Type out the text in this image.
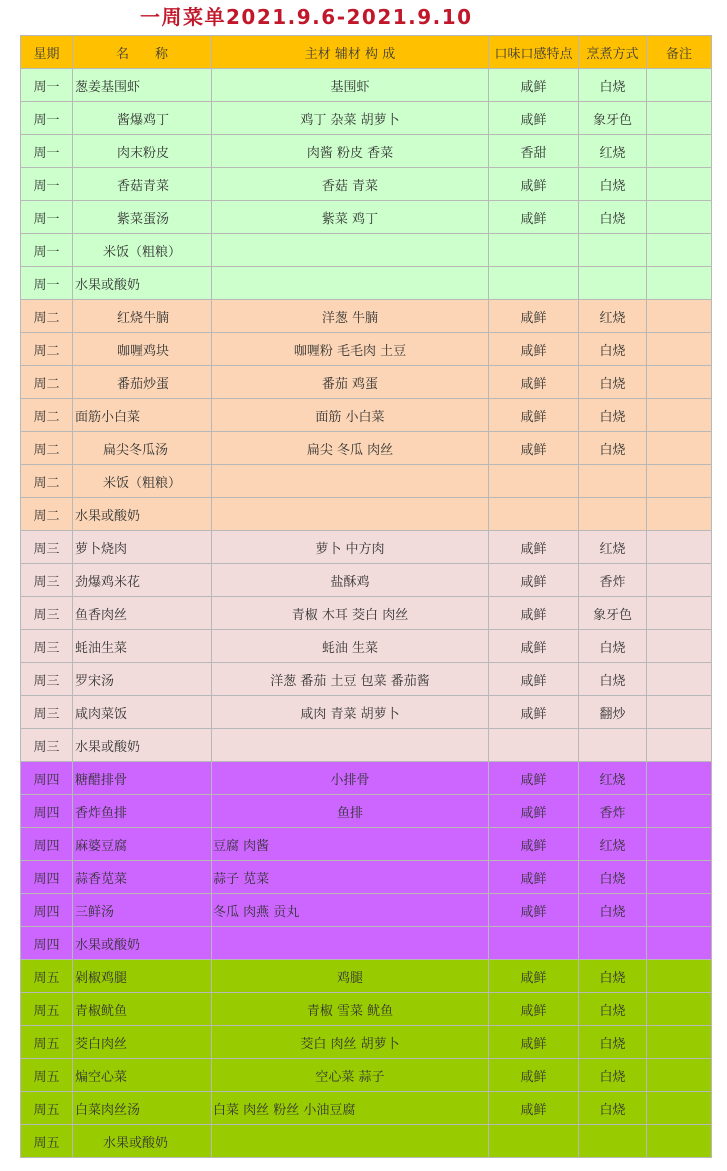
一周菜单2021.9.6-2021.9.10
星期	名　　称	主材 辅材 构 成	口味口感特点	烹煮方式	备注
周一	葱姜基围虾	基围虾	咸鲜	白烧	
周一	酱爆鸡丁	鸡丁 杂菜 胡萝卜	咸鲜	象牙色	
周一	肉末粉皮	肉酱 粉皮 香菜	香甜	红烧	
周一	香菇青菜	香菇 青菜	咸鲜	白烧	
周一	紫菜蛋汤	紫菜 鸡丁	咸鲜	白烧	
周一	米饭（粗粮）				
周一	水果或酸奶				
周二	红烧牛腩	洋葱 牛腩	咸鲜	红烧	
周二	咖喱鸡块	咖喱粉 毛毛肉 土豆	咸鲜	白烧	
周二	番茄炒蛋	番茄 鸡蛋	咸鲜	白烧	
周二	面筋小白菜	面筋 小白菜	咸鲜	白烧	
周二	扁尖冬瓜汤	扁尖 冬瓜 肉丝	咸鲜	白烧	
周二	米饭（粗粮）				
周二	水果或酸奶				
周三	萝卜烧肉	萝卜 中方肉	咸鲜	红烧	
周三	劲爆鸡米花	盐酥鸡	咸鲜	香炸	
周三	鱼香肉丝	青椒 木耳 茭白 肉丝	咸鲜	象牙色	
周三	蚝油生菜	蚝油 生菜	咸鲜	白烧	
周三	罗宋汤	洋葱 番茄 土豆 包菜 番茄酱	咸鲜	白烧	
周三	咸肉菜饭	咸肉 青菜 胡萝卜	咸鲜	翻炒	
周三	水果或酸奶				
周四	糖醋排骨	小排骨	咸鲜	红烧	
周四	香炸鱼排	鱼排	咸鲜	香炸	
周四	麻婆豆腐	豆腐 肉酱	咸鲜	红烧	
周四	蒜香苋菜	蒜子 苋菜	咸鲜	白烧	
周四	三鲜汤	冬瓜 肉燕 贡丸	咸鲜	白烧	
周四	水果或酸奶				
周五	剁椒鸡腿	鸡腿	咸鲜	白烧	
周五	青椒鱿鱼	青椒 雪菜 鱿鱼	咸鲜	白烧	
周五	茭白肉丝	茭白 肉丝 胡萝卜	咸鲜	白烧	
周五	煸空心菜	空心菜 蒜子	咸鲜	白烧	
周五	白菜肉丝汤	白菜 肉丝 粉丝 小油豆腐	咸鲜	白烧	
周五	水果或酸奶				
